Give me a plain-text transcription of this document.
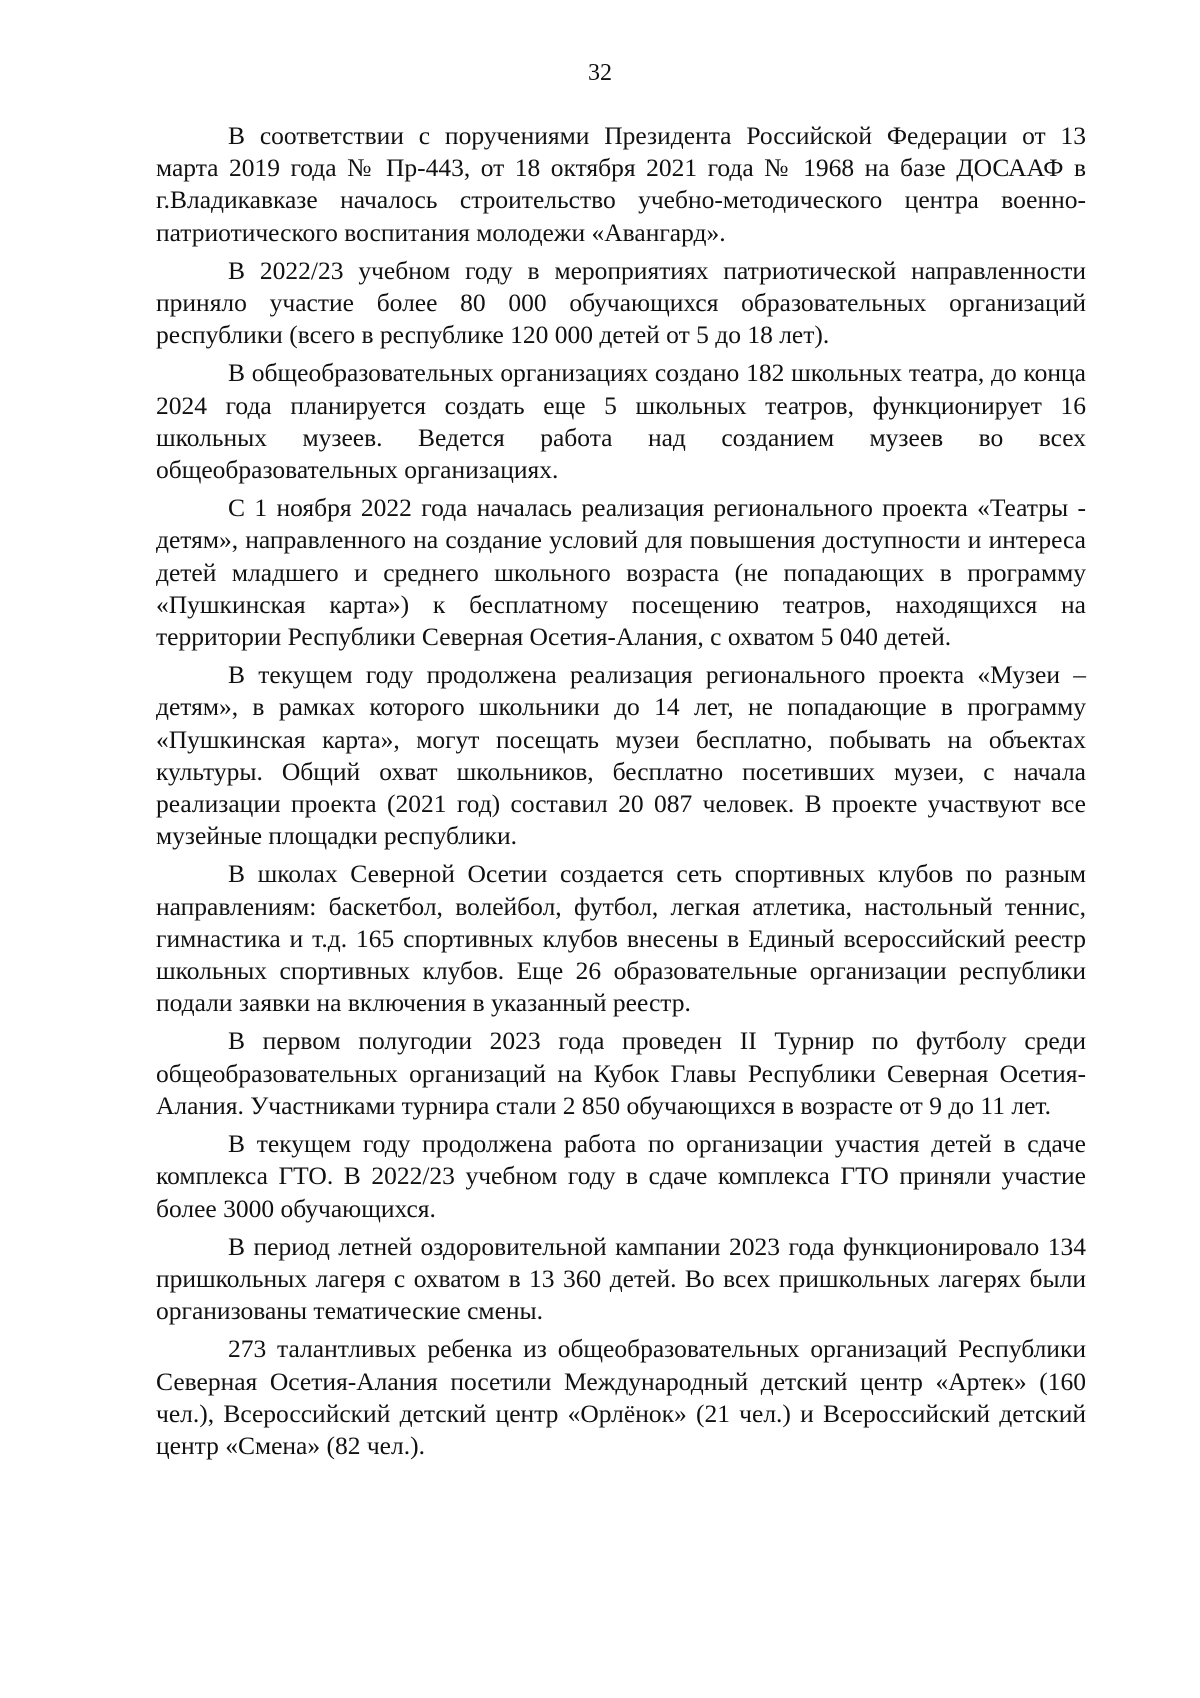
32

В соответствии с поручениями Президента Российской Федерации от 13 марта 2019 года № Пр-443, от 18 октября 2021 года № 1968 на базе ДОСААФ в г.Владикавказе началось строительство учебно-методического центра военно-патриотического воспитания молодежи «Авангард».

В 2022/23 учебном году в мероприятиях патриотической направленности приняло участие более 80 000 обучающихся образовательных организаций республики (всего в республике 120 000 детей от 5 до 18 лет).

В общеобразовательных организациях создано 182 школьных театра, до конца 2024 года планируется создать еще 5 школьных театров, функционирует 16 школьных музеев. Ведется работа над созданием музеев во всех общеобразовательных организациях.

С 1 ноября 2022 года началась реализация регионального проекта «Театры - детям», направленного на создание условий для повышения доступности и интереса детей младшего и среднего школьного возраста (не попадающих в программу «Пушкинская карта») к бесплатному посещению театров, находящихся на территории Республики Северная Осетия-Алания, с охватом 5 040 детей.

В текущем году продолжена реализация регионального проекта «Музеи – детям», в рамках которого школьники до 14 лет, не попадающие в программу «Пушкинская карта», могут посещать музеи бесплатно, побывать на объектах культуры. Общий охват школьников, бесплатно посетивших музеи, с начала реализации проекта (2021 год) составил 20 087 человек. В проекте участвуют все музейные площадки республики.

В школах Северной Осетии создается сеть спортивных клубов по разным направлениям: баскетбол, волейбол, футбол, легкая атлетика, настольный теннис, гимнастика и т.д. 165 спортивных клубов внесены в Единый всероссийский реестр школьных спортивных клубов. Еще 26 образовательные организации республики подали заявки на включения в указанный реестр.

В первом полугодии 2023 года проведен II Турнир по футболу среди общеобразовательных организаций на Кубок Главы Республики Северная Осетия-Алания. Участниками турнира стали 2 850 обучающихся в возрасте от 9 до 11 лет.

В текущем году продолжена работа по организации участия детей в сдаче комплекса ГТО. В 2022/23 учебном году в сдаче комплекса ГТО приняли участие более 3000 обучающихся.

В период летней оздоровительной кампании 2023 года функционировало 134 пришкольных лагеря с охватом в 13 360 детей. Во всех пришкольных лагерях были организованы тематические смены.

273 талантливых ребенка из общеобразовательных организаций Республики Северная Осетия-Алания посетили Международный детский центр «Артек» (160 чел.), Всероссийский детский центр «Орлёнок» (21 чел.) и Всероссийский детский центр «Смена» (82 чел.).
